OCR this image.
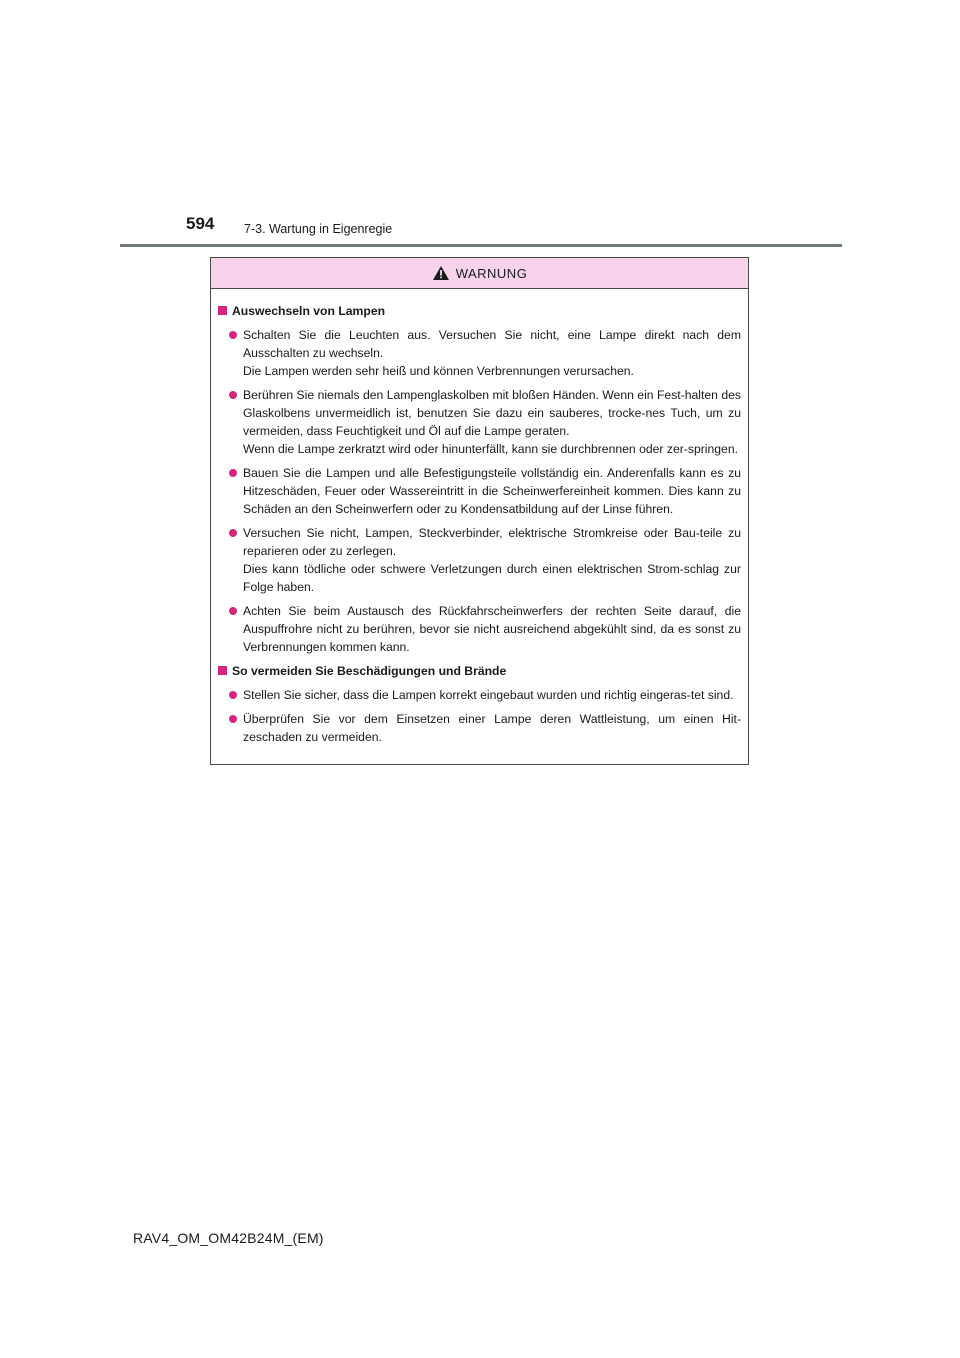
594 7-3. Wartung in Eigenregie
WARNUNG
Auswechseln von Lampen

Schalten Sie die Leuchten aus. Versuchen Sie nicht, eine Lampe direkt nach dem Ausschalten zu wechseln.

Die Lampen werden sehr heiß und können Verbrennungen verursachen.

Berühren Sie niemals den Lampenglaskolben mit bloßen Händen. Wenn ein Fest-halten des Glaskolbens unvermeidlich ist, benutzen Sie dazu ein sauberes, trocke-nes Tuch, um zu vermeiden, dass Feuchtigkeit und Öl auf die Lampe geraten.

Wenn die Lampe zerkratzt wird oder hinunterfällt, kann sie durchbrennen oder zer-springen.

Bauen Sie die Lampen und alle Befestigungsteile vollständig ein. Anderenfalls kann es zu Hitzeschäden, Feuer oder Wassereintritt in die Scheinwerfereinheit kommen. Dies kann zu Schäden an den Scheinwerfern oder zu Kondensatbildung auf der Linse führen.

Versuchen Sie nicht, Lampen, Steckverbinder, elektrische Stromkreise oder Bau-teile zu reparieren oder zu zerlegen.

Dies kann tödliche oder schwere Verletzungen durch einen elektrischen Strom-schlag zur Folge haben.

Achten Sie beim Austausch des Rückfahrscheinwerfers der rechten Seite darauf, die Auspuffrohre nicht zu berühren, bevor sie nicht ausreichend abgekühlt sind, da es sonst zu Verbrennungen kommen kann.

So vermeiden Sie Beschädigungen und Brände

Stellen Sie sicher, dass die Lampen korrekt eingebaut wurden und richtig eingeras-tet sind.

Überprüfen Sie vor dem Einsetzen einer Lampe deren Wattleistung, um einen Hit-zeschaden zu vermeiden.

RAV4_OM_OM42B24M_(EM)
